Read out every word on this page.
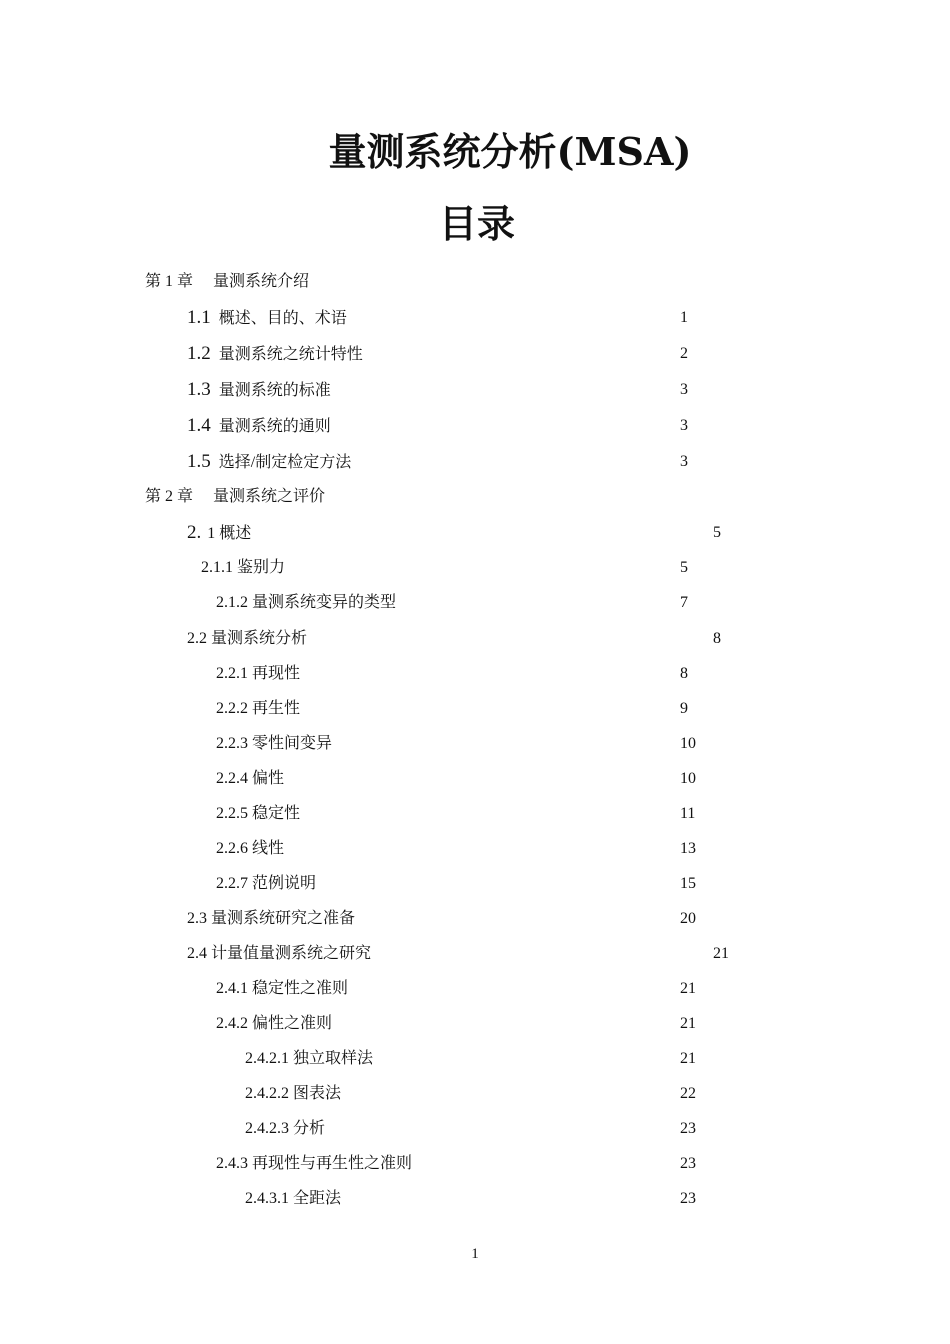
量测系统分析(MSA)
目录
第 1 章 量测系统介绍
1.1 概述、目的、术语	1
1.2 量测系统之统计特性	2
1.3 量测系统的标准	3
1.4 量测系统的通则	3
1.5 选择/制定检定方法	3
第 2 章 量测系统之评价
2. 1 概述	5
2.1.1 鉴别力	5
2.1.2 量测系统变异的类型	7
2.2 量测系统分析	8
2.2.1 再现性	8
2.2.2 再生性	9
2.2.3 零性间变异	10
2.2.4 偏性	10
2.2.5 稳定性	11
2.2.6 线性	13
2.2.7 范例说明	15
2.3 量测系统研究之准备	20
2.4 计量值量测系统之研究	21
2.4.1 稳定性之准则	21
2.4.2 偏性之准则	21
2.4.2.1 独立取样法	21
2.4.2.2 图表法	22
2.4.2.3 分析	23
2.4.3 再现性与再生性之准则	23
2.4.3.1 全距法	23
1
